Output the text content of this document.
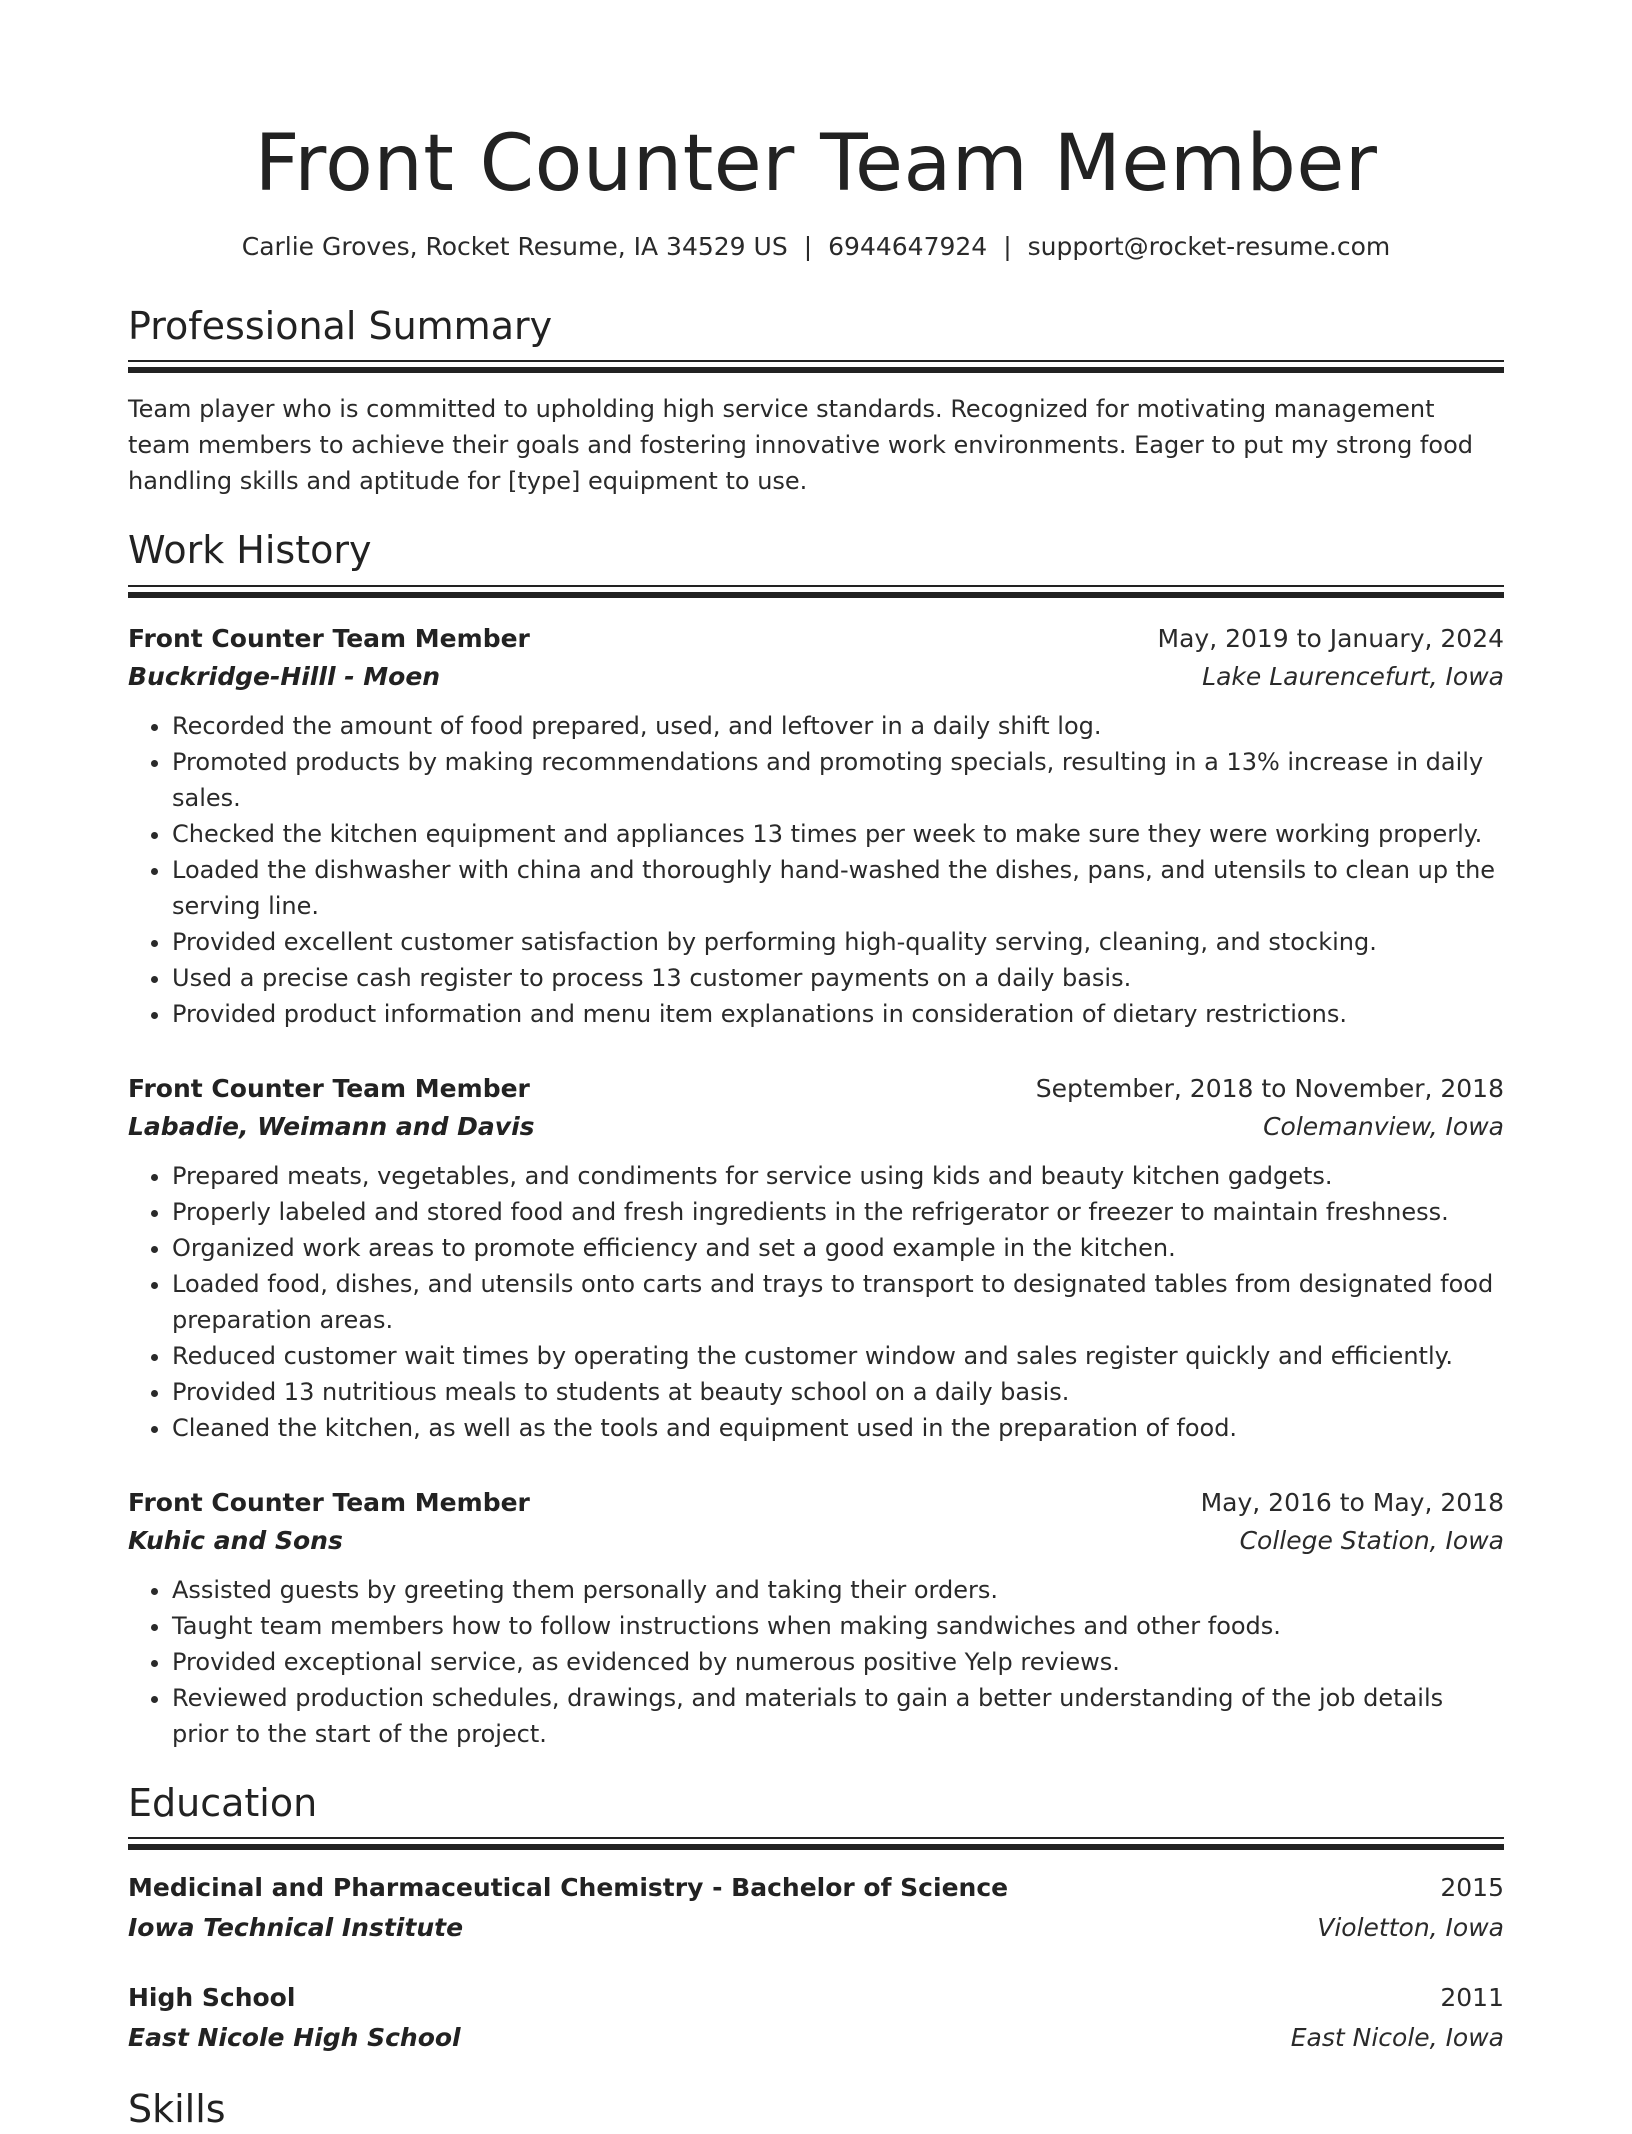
Front Counter Team Member
Carlie Groves, Rocket Resume, IA 34529 US | 6944647924 | support@rocket-resume.com
Professional Summary

Team player who is committed to upholding high service standards. Recognized for motivating management team members to achieve their goals and fostering innovative work environments. Eager to put my strong food handling skills and aptitude for [type] equipment to use.

Work History
Front Counter Team Member	May, 2019 to January, 2024
Buckridge-Hilll - Moen	Lake Laurencefurt, Iowa
• Recorded the amount of food prepared, used, and leftover in a daily shift log.
• Promoted products by making recommendations and promoting specials, resulting in a 13% increase in daily sales.
• Checked the kitchen equipment and appliances 13 times per week to make sure they were working properly.
• Loaded the dishwasher with china and thoroughly hand-washed the dishes, pans, and utensils to clean up the serving line.
• Provided excellent customer satisfaction by performing high-quality serving, cleaning, and stocking.
• Used a precise cash register to process 13 customer payments on a daily basis.
• Provided product information and menu item explanations in consideration of dietary restrictions.
Front Counter Team Member	September, 2018 to November, 2018
Labadie, Weimann and Davis	Colemanview, Iowa
• Prepared meats, vegetables, and condiments for service using kids and beauty kitchen gadgets.
• Properly labeled and stored food and fresh ingredients in the refrigerator or freezer to maintain freshness.
• Organized work areas to promote efficiency and set a good example in the kitchen.
• Loaded food, dishes, and utensils onto carts and trays to transport to designated tables from designated food preparation areas.
• Reduced customer wait times by operating the customer window and sales register quickly and efficiently.
• Provided 13 nutritious meals to students at beauty school on a daily basis.
• Cleaned the kitchen, as well as the tools and equipment used in the preparation of food.
Front Counter Team Member	May, 2016 to May, 2018
Kuhic and Sons	College Station, Iowa
• Assisted guests by greeting them personally and taking their orders.
• Taught team members how to follow instructions when making sandwiches and other foods.
• Provided exceptional service, as evidenced by numerous positive Yelp reviews.
• Reviewed production schedules, drawings, and materials to gain a better understanding of the job details prior to the start of the project.
Education
Medicinal and Pharmaceutical Chemistry - Bachelor of Science	2015
Iowa Technical Institute	Violetton, Iowa
High School	2011
East Nicole High School	East Nicole, Iowa
Skills
